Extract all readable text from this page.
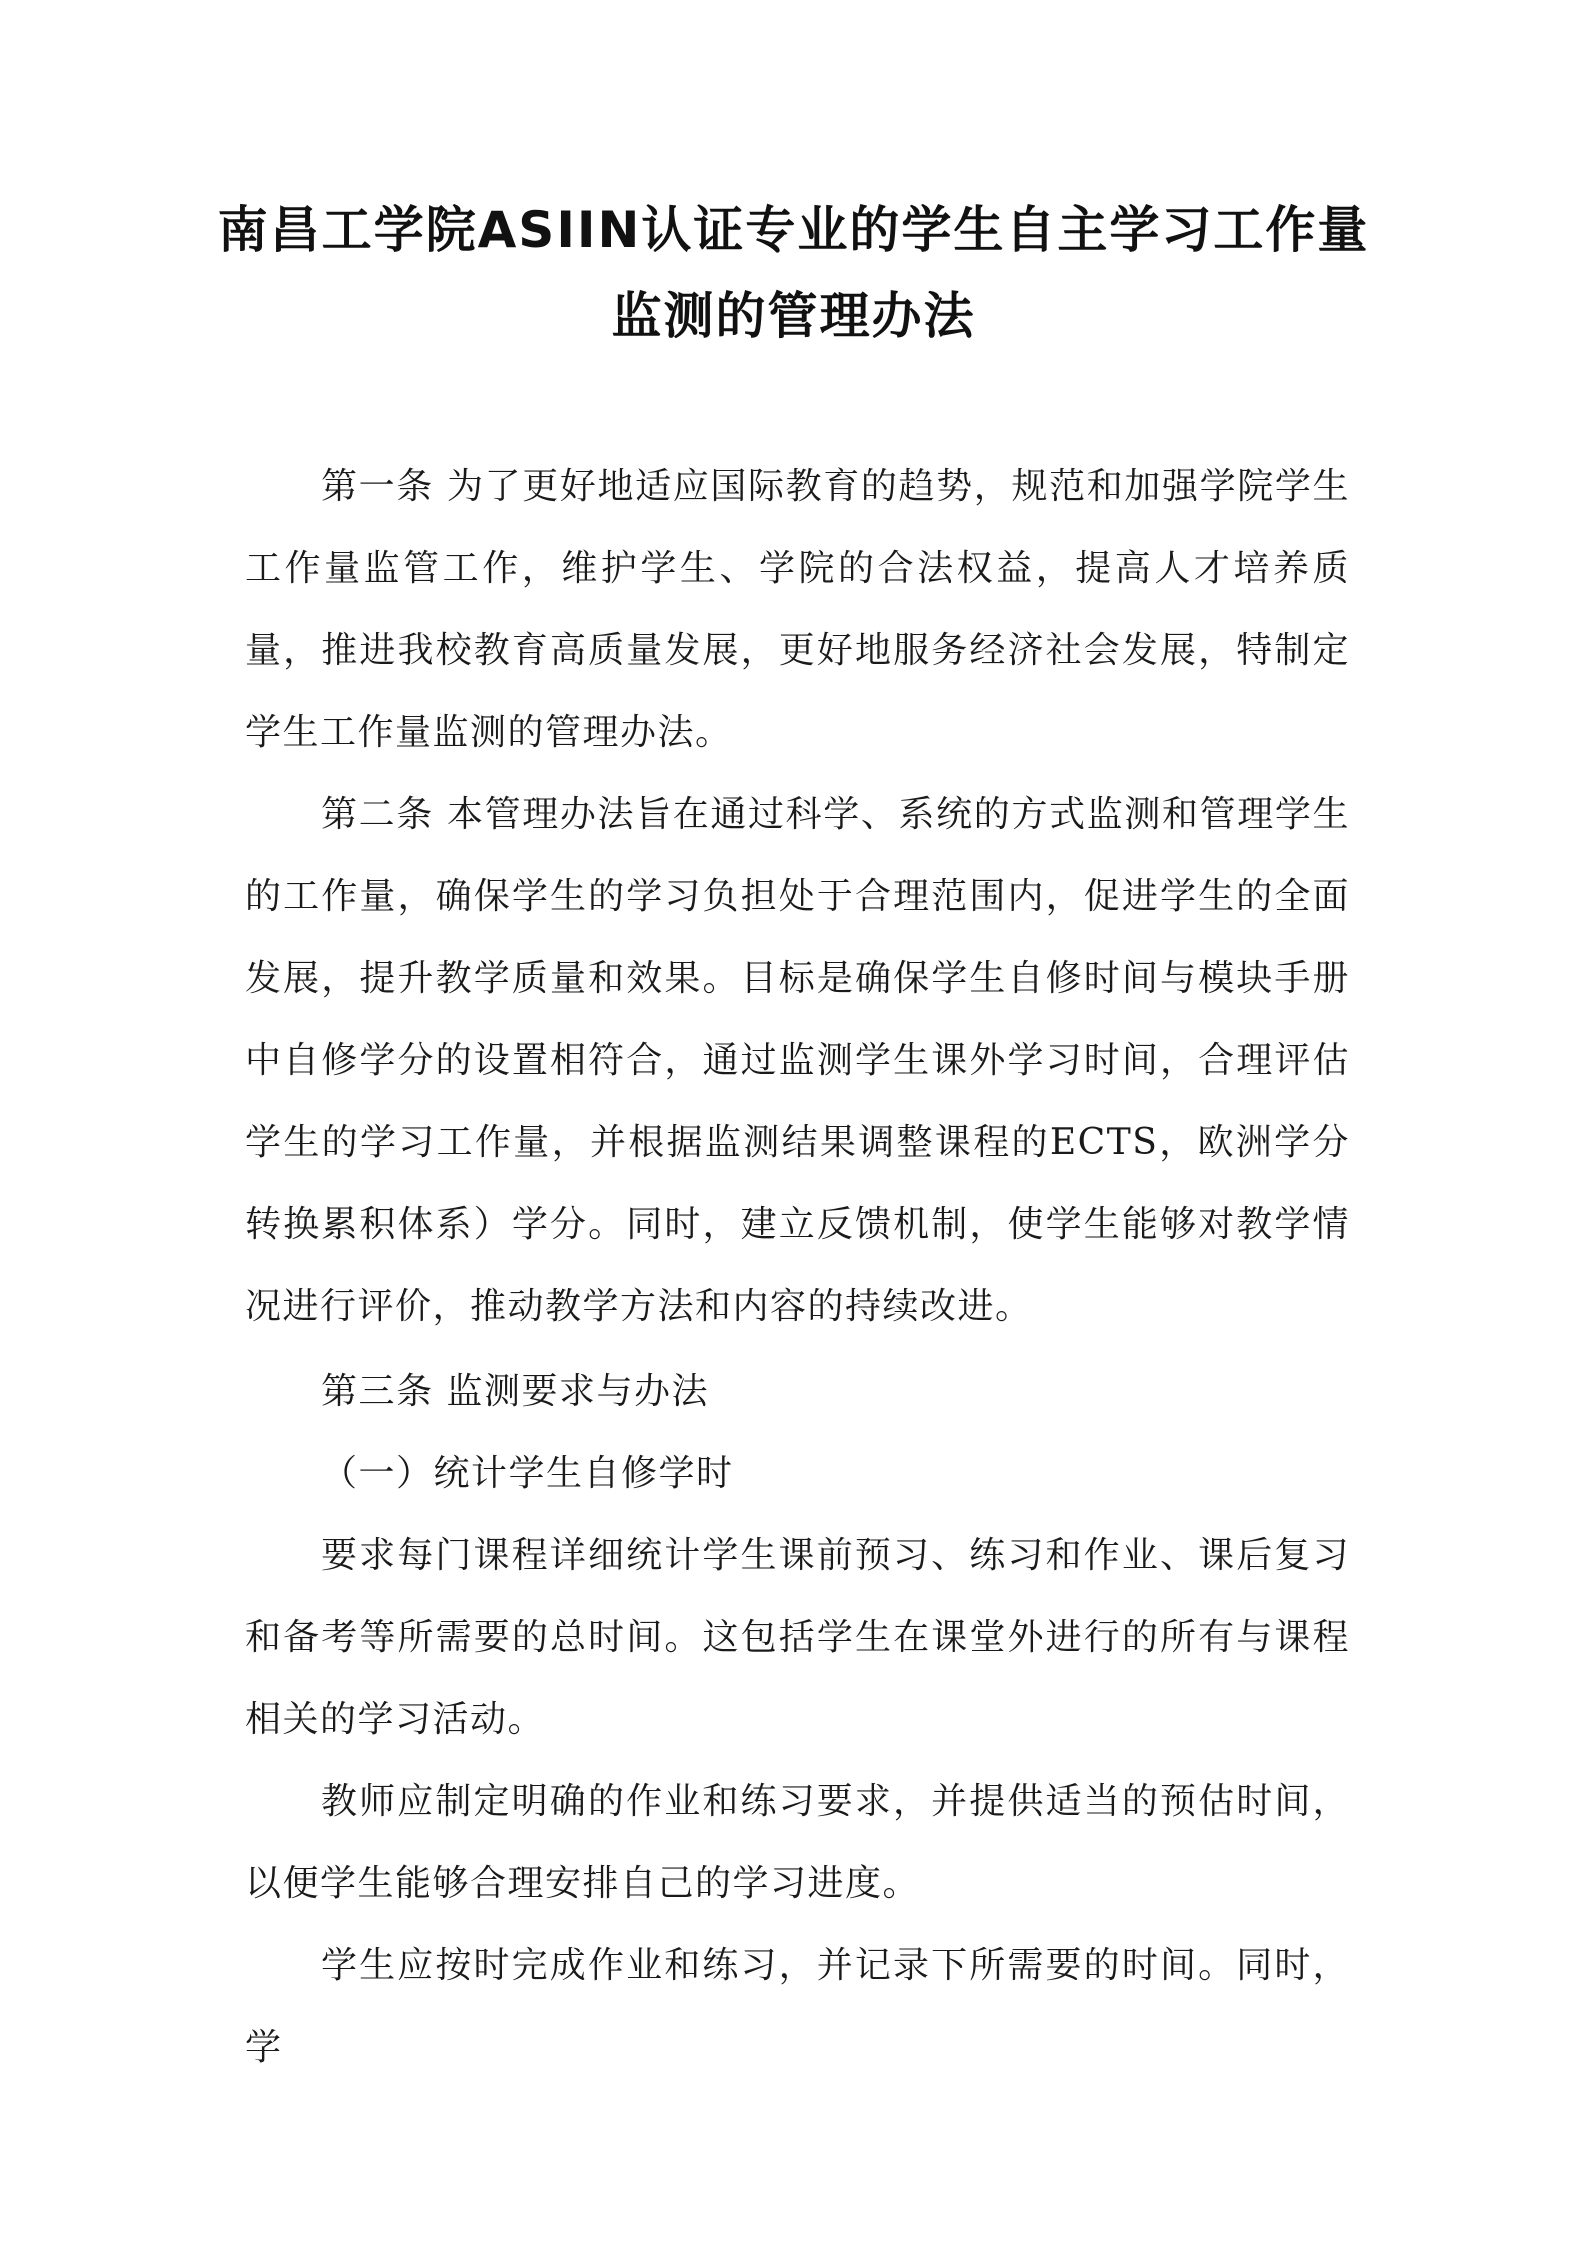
南昌工学院ASIIN认证专业的学生自主学习工作量
监测的管理办法
第一条 为了更好地适应国际教育的趋势，规范和加强学院学生工作量监管工作，维护学生、学院的合法权益，提高人才培养质量，推进我校教育高质量发展，更好地服务经济社会发展，特制定学生工作量监测的管理办法。
第二条 本管理办法旨在通过科学、系统的方式监测和管理学生的工作量，确保学生的学习负担处于合理范围内，促进学生的全面发展，提升教学质量和效果。目标是确保学生自修时间与模块手册中自修学分的设置相符合，通过监测学生课外学习时间，合理评估学生的学习工作量，并根据监测结果调整课程的ECTS，欧洲学分转换累积体系）学分。同时，建立反馈机制，使学生能够对教学情况进行评价，推动教学方法和内容的持续改进。
第三条 监测要求与办法
（一）统计学生自修学时
要求每门课程详细统计学生课前预习、练习和作业、课后复习和备考等所需要的总时间。这包括学生在课堂外进行的所有与课程相关的学习活动。
教师应制定明确的作业和练习要求，并提供适当的预估时间，以便学生能够合理安排自己的学习进度。
学生应按时完成作业和练习，并记录下所需要的时间。同时，学
